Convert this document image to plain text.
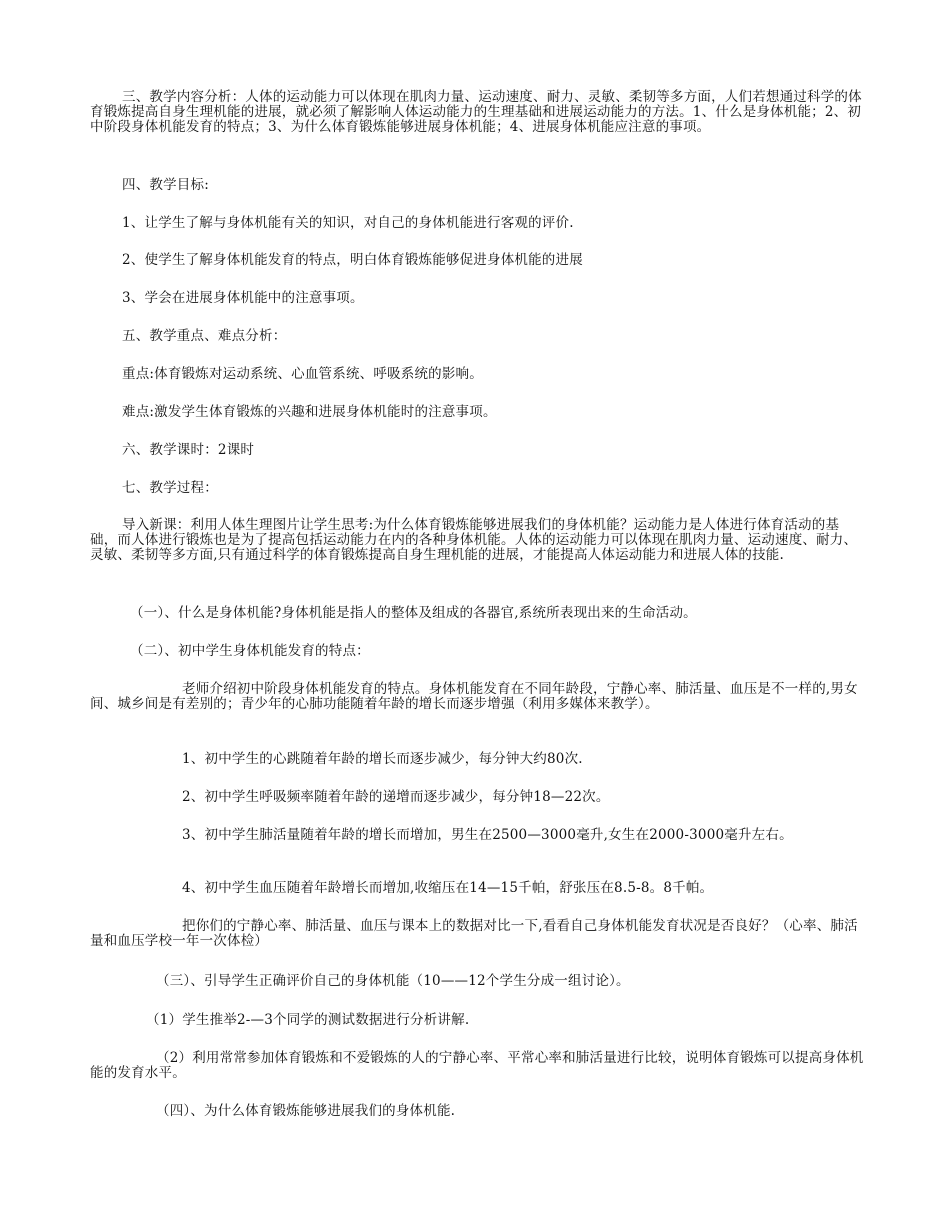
三、教学内容分析：人体的运动能力可以体现在肌肉力量、运动速度、耐力、灵敏、柔韧等多方面，人们若想通过科学的体育锻炼提高自身生理机能的进展，就必须了解影响人体运动能力的生理基础和进展运动能力的方法。1、什么是身体机能；2、初中阶段身体机能发育的特点；3、为什么体育锻炼能够进展身体机能；4、进展身体机能应注意的事项。

四、教学目标:

1、让学生了解与身体机能有关的知识，对自己的身体机能进行客观的评价.

2、使学生了解身体机能发育的特点，明白体育锻炼能够促进身体机能的进展

3、学会在进展身体机能中的注意事项。

五、教学重点、难点分析：

重点:体育锻炼对运动系统、心血管系统、呼吸系统的影响。

难点:激发学生体育锻炼的兴趣和进展身体机能时的注意事项。

六、教学课时：2课时

七、教学过程：

导入新课：利用人体生理图片让学生思考:为什么体育锻炼能够进展我们的身体机能？运动能力是人体进行体育活动的基础，而人体进行锻炼也是为了提高包括运动能力在内的各种身体机能。人体的运动能力可以体现在肌肉力量、运动速度、耐力、灵敏、柔韧等多方面,只有通过科学的体育锻炼提高自身生理机能的进展，才能提高人体运动能力和进展人体的技能.

（一）、什么是身体机能?身体机能是指人的整体及组成的各器官,系统所表现出来的生命活动。

（二）、初中学生身体机能发育的特点：

老师介绍初中阶段身体机能发育的特点。身体机能发育在不同年龄段，宁静心率、肺活量、血压是不一样的,男女间、城乡间是有差别的；青少年的心肺功能随着年龄的增长而逐步增强（利用多媒体来教学）。

1、初中学生的心跳随着年龄的增长而逐步减少，每分钟大约80次.

2、初中学生呼吸频率随着年龄的递增而逐步减少，每分钟18—22次。

3、初中学生肺活量随着年龄的增长而增加，男生在2500—3000毫升,女生在2000-3000毫升左右。

4、初中学生血压随着年龄增长而增加,收缩压在14—15千帕，舒张压在8.5-8。8千帕。

把你们的宁静心率、肺活量、血压与课本上的数据对比一下,看看自己身体机能发育状况是否良好？（心率、肺活量和血压学校一年一次体检）

（三）、引导学生正确评价自己的身体机能（10——12个学生分成一组讨论）。

（1）学生推举2-—3个同学的测试数据进行分析讲解.

（2）利用常常参加体育锻炼和不爱锻炼的人的宁静心率、平常心率和肺活量进行比较，说明体育锻炼可以提高身体机能的发育水平。

（四）、为什么体育锻炼能够进展我们的身体机能.
